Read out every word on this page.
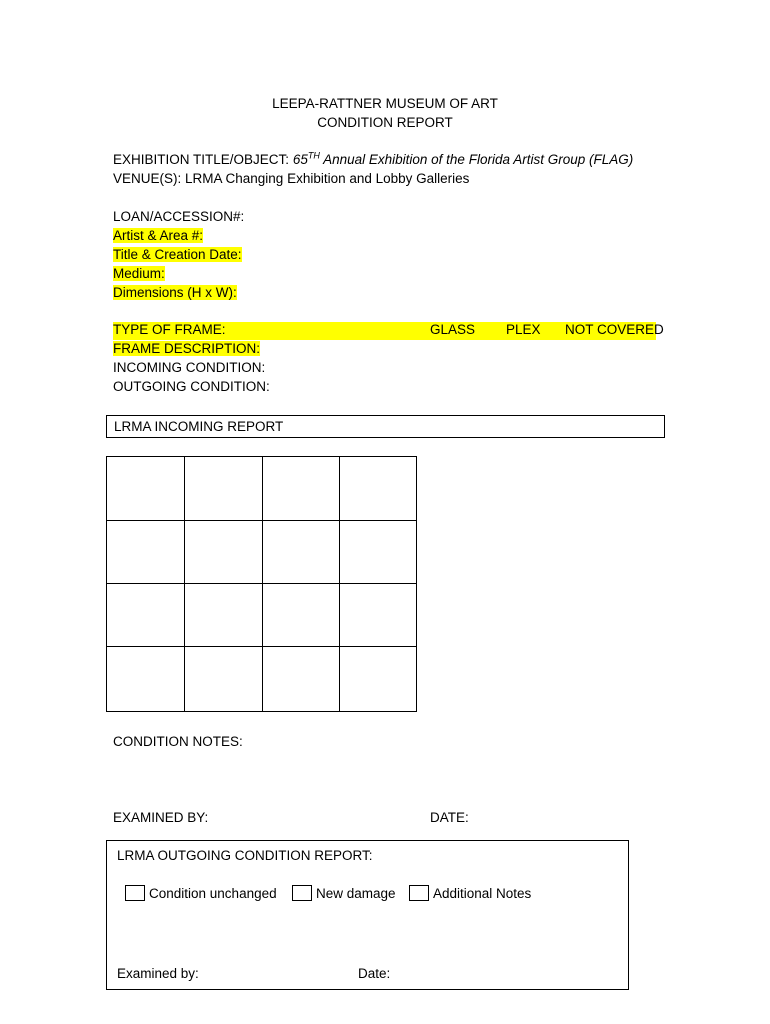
LEEPA-RATTNER MUSEUM OF ART
CONDITION REPORT
EXHIBITION TITLE/OBJECT: 65TH Annual Exhibition of the Florida Artist Group (FLAG)
VENUE(S): LRMA Changing Exhibition and Lobby Galleries
LOAN/ACCESSION#:
Artist & Area #:
Title & Creation Date:
Medium:
Dimensions (H x W):
TYPE OF FRAME:	GLASS PLEX NOT COVERED
FRAME DESCRIPTION:
INCOMING CONDITION:
OUTGOING CONDITION:
LRMA INCOMING REPORT
CONDITION NOTES:
EXAMINED BY:	DATE:
LRMA OUTGOING CONDITION REPORT:
Condition unchanged	New damage	Additional Notes
Examined by:	Date:
